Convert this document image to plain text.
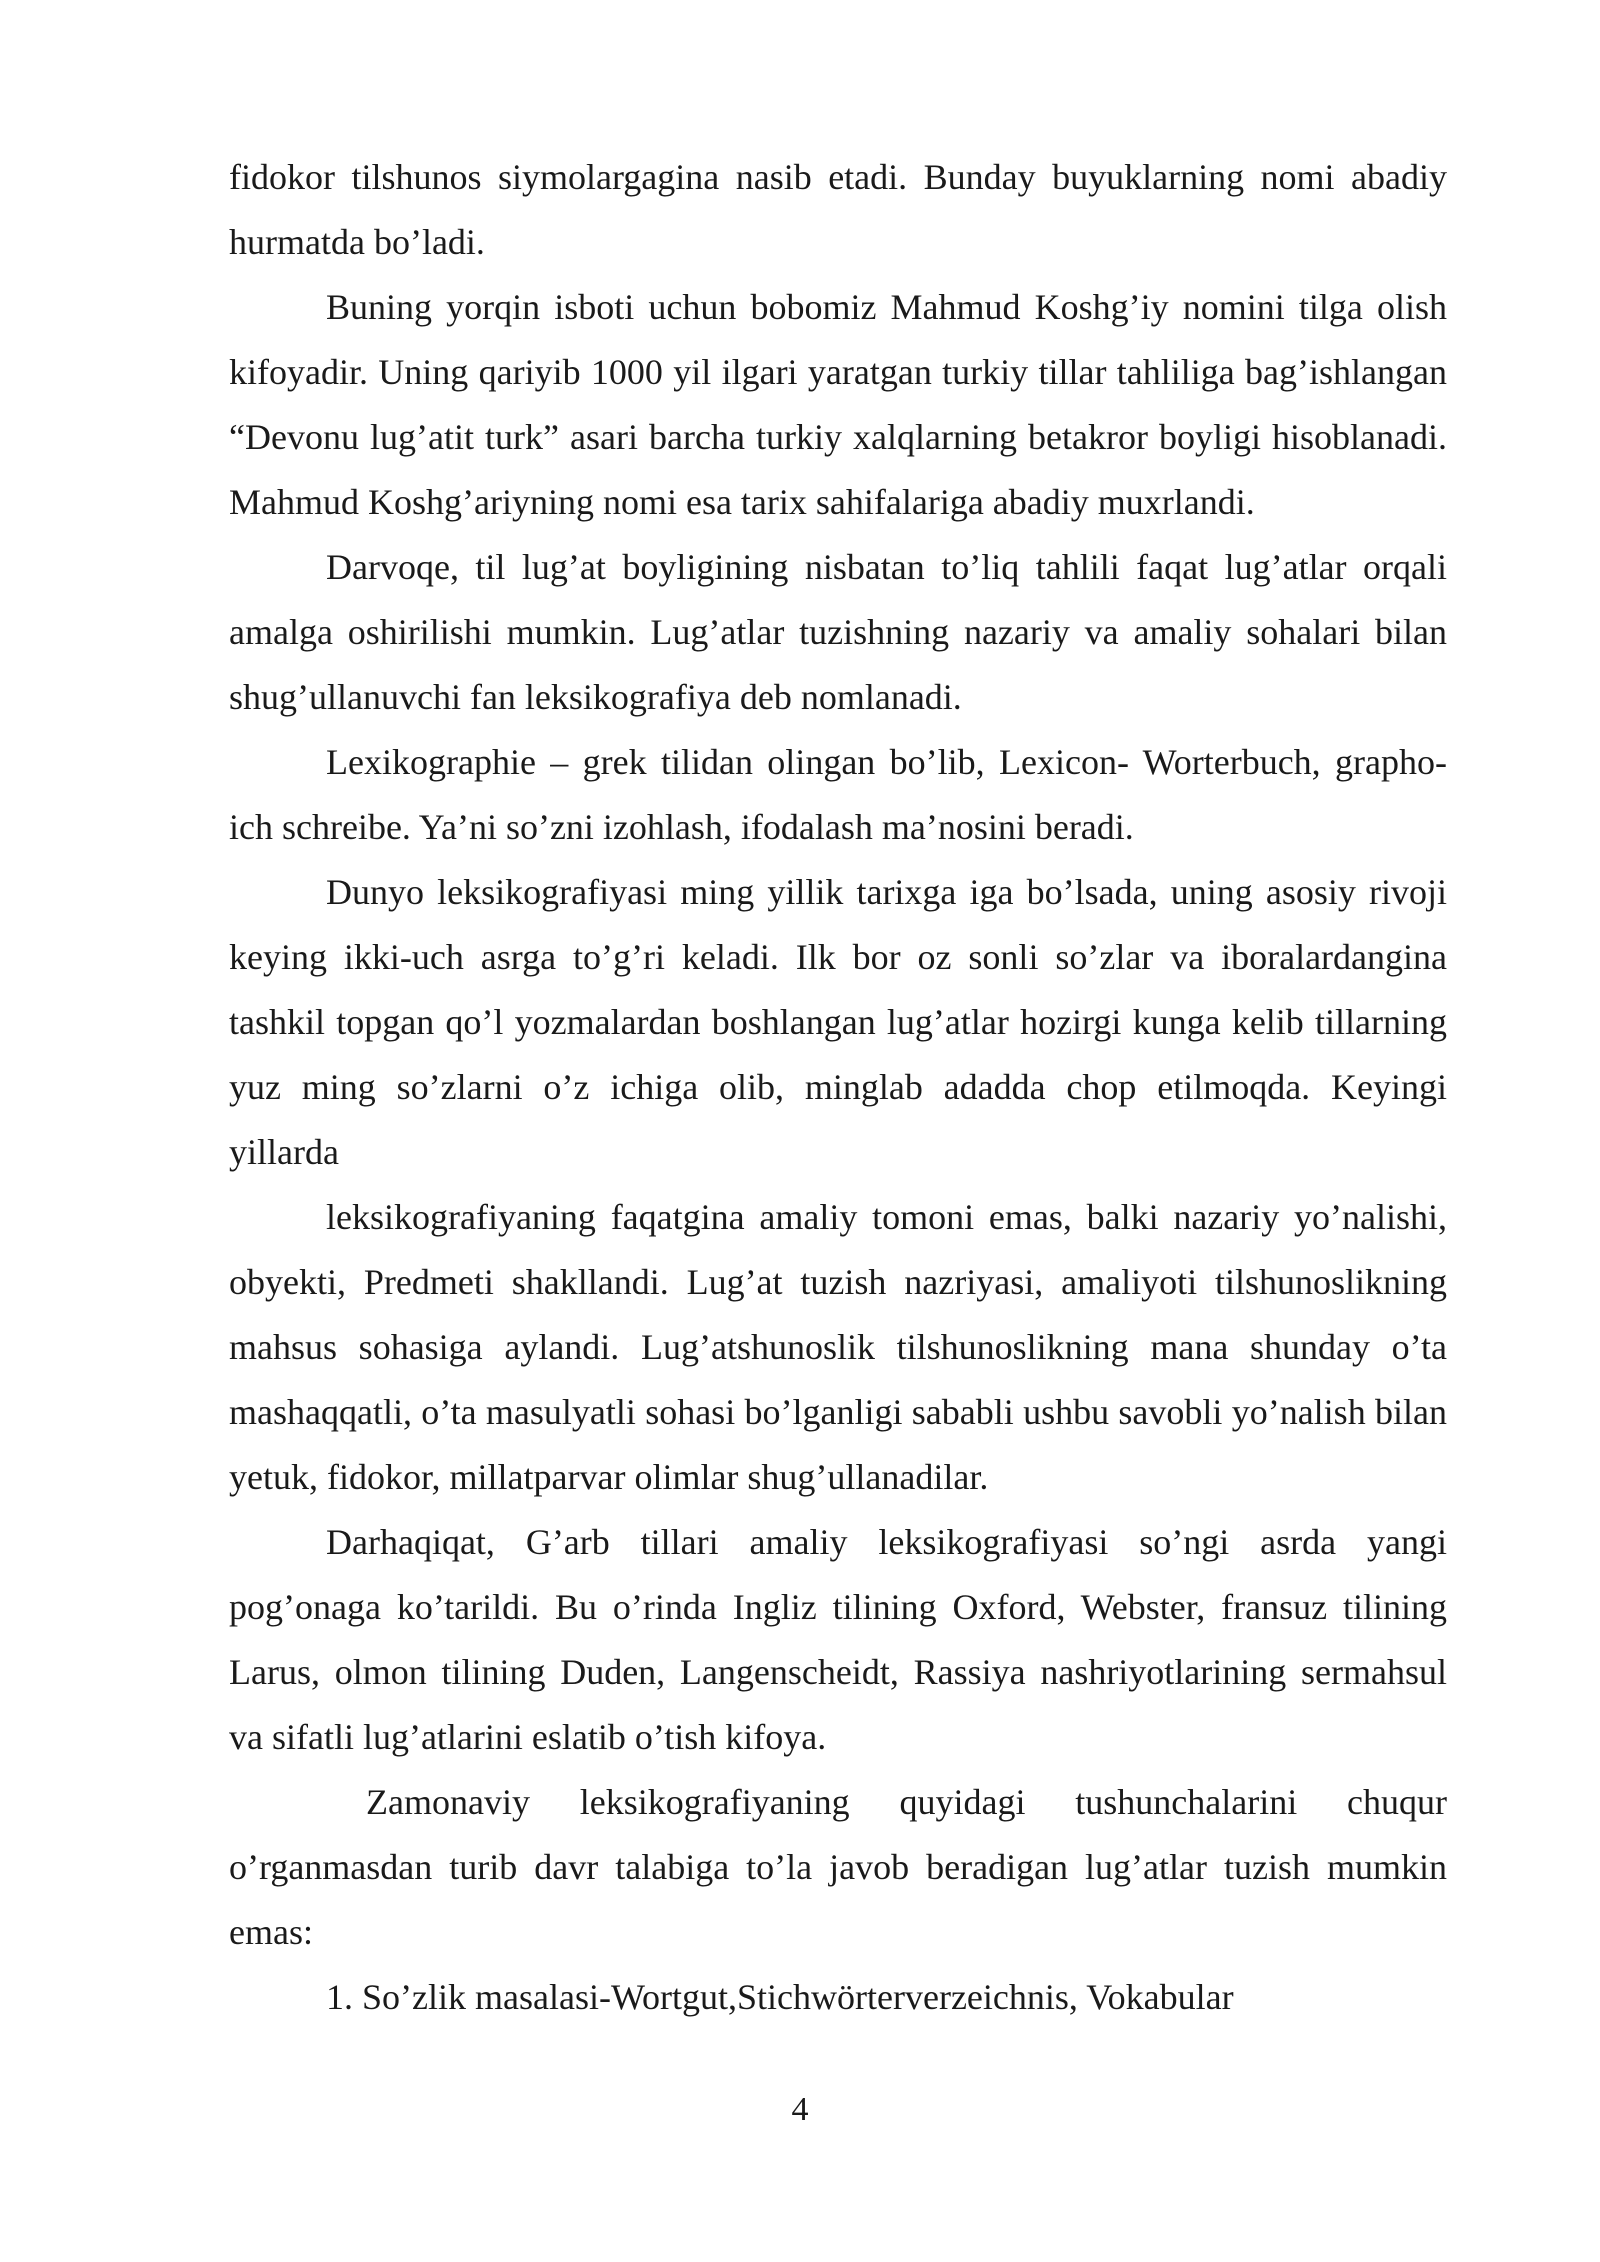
fidokor tilshunos siymolargagina nasib etadi. Bunday buyuklarning nomi abadiy hurmatda bo’ladi.

Buning yorqin isboti uchun bobomiz Mahmud Koshg’iy nomini tilga olish kifoyadir. Uning qariyib 1000 yil ilgari yaratgan turkiy tillar tahliliga bag’ishlangan “Devonu lug’atit turk” asari barcha turkiy xalqlarning betakror boyligi hisoblanadi. Mahmud Koshg’ariyning nomi esa tarix sahifalariga abadiy muxrlandi.

Darvoqe, til lug’at boyligining nisbatan to’liq tahlili faqat lug’atlar orqali amalga oshirilishi mumkin. Lug’atlar tuzishning nazariy va amaliy sohalari bilan shug’ullanuvchi fan leksikografiya deb nomlanadi.

Lexikographie – grek tilidan olingan bo’lib, Lexicon- Worterbuch, grapho- ich schreibe. Ya’ni so’zni izohlash, ifodalash ma’nosini beradi.

Dunyo leksikografiyasi ming yillik tarixga iga bo’lsada, uning asosiy rivoji keying ikki-uch asrga to’g’ri keladi. Ilk bor oz sonli so’zlar va iboralardangina tashkil topgan qo’l yozmalardan boshlangan lug’atlar hozirgi kunga kelib tillarning yuz ming so’zlarni o’z ichiga olib, minglab adadda chop etilmoqda. Keyingi yillarda

leksikografiyaning faqatgina amaliy tomoni emas, balki nazariy yo’nalishi, obyekti, Predmeti shakllandi. Lug’at tuzish nazriyasi, amaliyoti tilshunoslikning mahsus sohasiga aylandi. Lug’atshunoslik tilshunoslikning mana shunday o’ta mashaqqatli, o’ta masulyatli sohasi bo’lganligi sababli ushbu savobli yo’nalish bilan yetuk, fidokor, millatparvar olimlar shug’ullanadilar.

Darhaqiqat, G’arb tillari amaliy leksikografiyasi so’ngi asrda yangi pog’onaga ko’tarildi. Bu o’rinda Ingliz tilining Oxford, Webster, fransuz tilining Larus, olmon tilining Duden, Langenscheidt, Rassiya nashriyotlarining sermahsul va sifatli lug’atlarini eslatib o’tish kifoya.

Zamonaviy leksikografiyaning quyidagi tushunchalarini chuqur o’rganmasdan turib davr talabiga to’la javob beradigan lug’atlar tuzish mumkin emas:

1. So’zlik masalasi-Wortgut,Stichwörterverzeichnis, Vokabular

4
